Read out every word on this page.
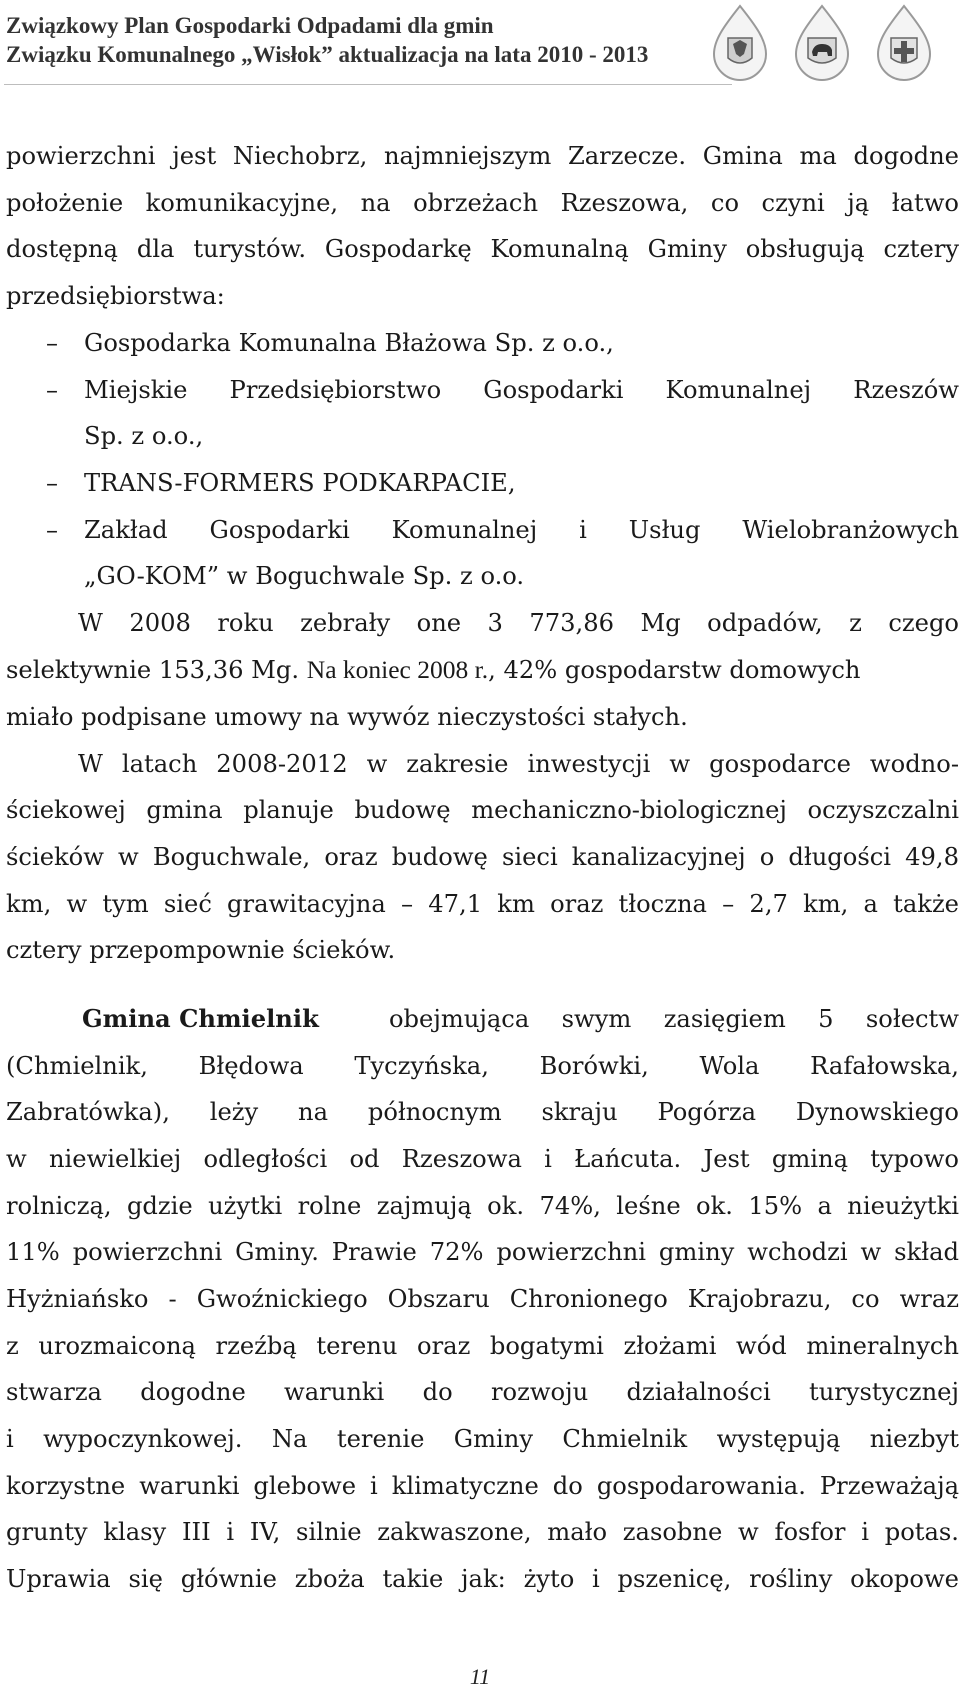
Związkowy Plan Gospodarki Odpadami dla gmin
Związku Komunalnego „Wisłok” aktualizacja na lata 2010 - 2013
powierzchni jest Niechobrz, najmniejszym Zarzecze. Gmina ma dogodne
położenie komunikacyjne, na obrzeżach Rzeszowa, co czyni ją łatwo
dostępną dla turystów. Gospodarkę Komunalną Gminy obsługują cztery
przedsiębiorstwa:
– Gospodarka Komunalna Błażowa Sp. z o.o.,
– Miejskie Przedsiębiorstwo Gospodarki Komunalnej Rzeszów
Sp. z o.o.,
– TRANS-FORMERS PODKARPACIE,
– Zakład Gospodarki Komunalnej i Usług Wielobranżowych
„GO-KOM” w Boguchwale Sp. z o.o.
W 2008 roku zebrały one 3 773,86 Mg odpadów, z czego
selektywnie 153,36 Mg. Na koniec 2008 r., 42% gospodarstw domowych
miało podpisane umowy na wywóz nieczystości stałych.
W latach 2008-2012 w zakresie inwestycji w gospodarce wodno-
ściekowej gmina planuje budowę mechaniczno-biologicznej oczyszczalni
ścieków w Boguchwale, oraz budowę sieci kanalizacyjnej o długości 49,8
km, w tym sieć grawitacyjna – 47,1 km oraz tłoczna – 2,7 km, a także
cztery przepompownie ścieków.
Gmina Chmielnik	obejmująca swym zasięgiem 5 sołectw
(Chmielnik, Błędowa Tyczyńska, Borówki, Wola Rafałowska,
Zabratówka), leży na północnym skraju Pogórza Dynowskiego
w niewielkiej odległości od Rzeszowa i Łańcuta. Jest gminą typowo
rolniczą, gdzie użytki rolne zajmują ok. 74%, leśne ok. 15% a nieużytki
11% powierzchni Gminy. Prawie 72% powierzchni gminy wchodzi w skład
Hyżniańsko - Gwoźnickiego Obszaru Chronionego Krajobrazu, co wraz
z urozmaiconą rzeźbą terenu oraz bogatymi złożami wód mineralnych
stwarza dogodne warunki do rozwoju działalności turystycznej
i wypoczynkowej. Na terenie Gminy Chmielnik występują niezbyt
korzystne warunki glebowe i klimatyczne do gospodarowania. Przeważają
grunty klasy III i IV, silnie zakwaszone, mało zasobne w fosfor i potas.
Uprawia się głównie zboża takie jak: żyto i pszenicę, rośliny okopowe
11
